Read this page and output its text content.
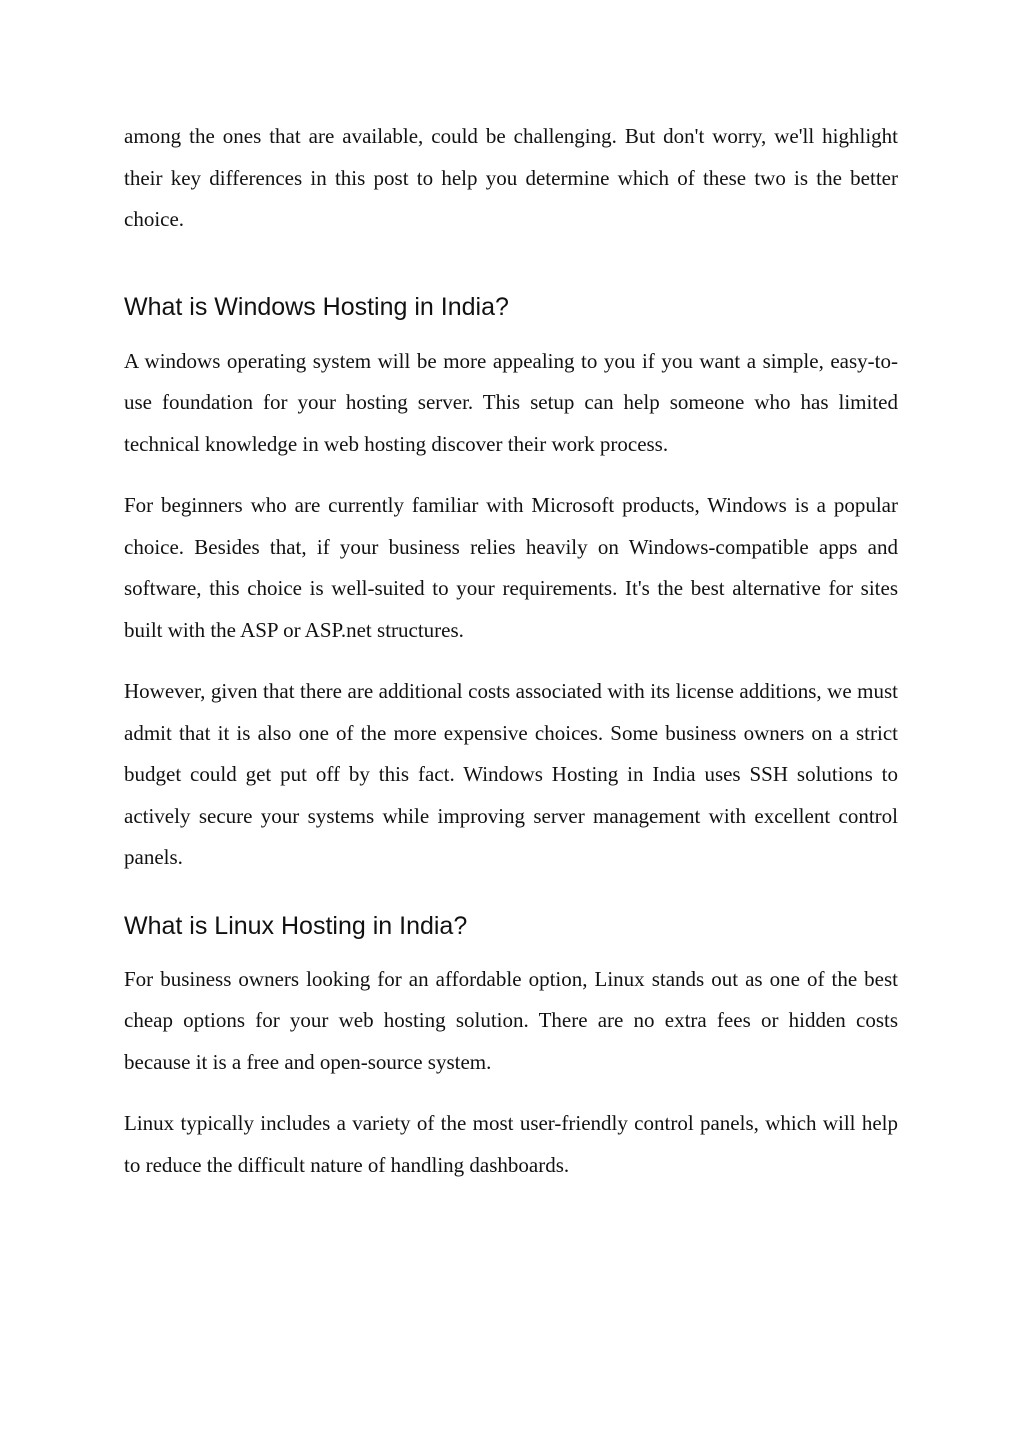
among the ones that are available, could be challenging. But don't worry, we'll highlight their key differences in this post to help you determine which of these two is the better choice.

What is Windows Hosting in India?

A windows operating system will be more appealing to you if you want a simple, easy-to-use foundation for your hosting server. This setup can help someone who has limited technical knowledge in web hosting discover their work process.

For beginners who are currently familiar with Microsoft products, Windows is a popular choice. Besides that, if your business relies heavily on Windows-compatible apps and software, this choice is well-suited to your requirements. It's the best alternative for sites built with the ASP or ASP.net structures.

However, given that there are additional costs associated with its license additions, we must admit that it is also one of the more expensive choices. Some business owners on a strict budget could get put off by this fact. Windows Hosting in India uses SSH solutions to actively secure your systems while improving server management with excellent control panels.

What is Linux Hosting in India?

For business owners looking for an affordable option, Linux stands out as one of the best cheap options for your web hosting solution. There are no extra fees or hidden costs because it is a free and open-source system.

Linux typically includes a variety of the most user-friendly control panels, which will help to reduce the difficult nature of handling dashboards.
